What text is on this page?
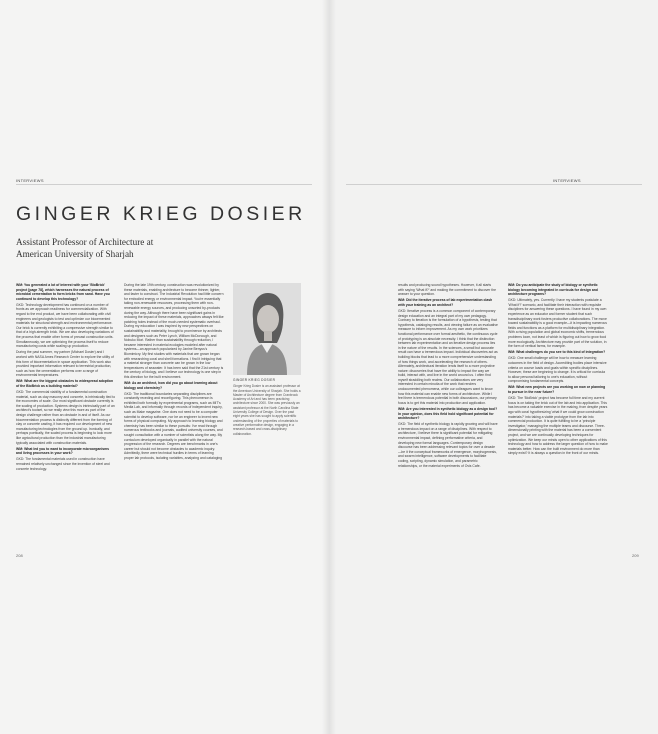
INTERVIEWS	INTERVIEWS
GINGER KRIEG DOSIER

Assistant Professor of Architecture at
American University of Sharjah

WM: You generated a lot of interest with your 'BioBrick' project [page 78], which harnesses the natural process of microbial cementation to form bricks from sand. Have you continued to develop this technology?

GKD: Technology development has continued on a number of fronts as we approach readiness for commercialization. With regard to the end product, we have been collaborating with civil engineers and geologists to test and optimize our biocemented materials for structural strength and environmental performance. Our brick is currently exhibiting a compressive strength similar to that of a high-strength brick. We are also developing variations of the process that enable other forms of precast construction units. Simultaneously, we are optimizing the process itself to reduce manufacturing costs while scaling up production.

During the past summer, my partner (Michael Dosier) and I worked with NASA Ames Research Center to explore the utility of this form of biocementation in space application. This work also provided important information relevant to terrestrial production, such as how the cementation performs over a range of environmental temperatures.

WM: What are the biggest obstacles to widespread adoption of the BioBrick as a building material?

GKD: The commercial viability of a fundamental construction material, such as clay masonry and concrete, is intrinsically tied to the economies of scale. Our most significant obstacle currently is the scaling of production. Systems design is intrinsically part of an architect's toolset, so we really view this more as part of the design challenge rather than an obstacle in and of itself. As our biocementation process is distinctly different from the forming of clay or concrete casting, it has required our development of new manufacturing technologies from the ground up. Ironically, and perhaps poetically, the scaled process is beginning to look more like agricultural production than the industrial manufacturing typically associated with construction materials.

WM: What led you to want to incorporate microorganisms and living processes in your work?

GKD: The fundamental materials used in construction have remained relatively unchanged since the invention of steel and concrete technology.

During the late 19th century, construction was revolutionized by these materials, enabling architecture to become thinner, lighter, and faster to construct. The Industrial Revolution had little concern for embodied energy or environmental impact. You're essentially taking non-renewable resources, processing them with non-renewable energy sources, and producing unsorted by-products during the way. Although there have been significant gains in reducing the impact of these materials, approaches always felt like patching holes instead of the much-needed systematic overhaul. During my education I was inspired by new perspectives on sustainability and materiality, brought to prominence by architects and designers such as Peter Lynch, William McDonough, and Nobuko Mori. Rather than sustainability through reduction, I became interested in material ecologies modeled after natural systems—an approach popularized by Janine Benyus's Biomimicry. My first studies with materials that are grown began with researching coral and shell formations. I find it intriguing that a material stronger than concrete can be grown in the low temperatures of seawater. It has been said that the 21st century is the century of biology, and I believe our technology is one step in this direction for the built environment.

WM: As an architect, how did you go about learning about biology and chemistry?

GKD: The traditional boundaries separating disciplines are constantly receding and reconfiguring. This phenomenon is exhibited both formally by experimental programs, such as MIT's Media Lab, and informally through records of independent inquiry, such as Make magazine. One does not need to be a computer scientist to develop software, nor be an engineer to invent new forms of physical computing. My approach to learning biology and chemistry has been similar to these pursuits: I've read through numerous textbooks and journals, audited university courses, and sought consultation with a number of scientists along the way. My curriculum developed organically in parallel with the natural progression of the research. Degrees are benchmarks in one's career but should not become obstacles to academic inquiry. Admittedly, there were technical hurdles in terms of learning proper lab protocols, isolating variables, analyzing and cataloging

GINGER KRIEG DOSIER
Ginger Krieg Dosier is an assistant professor at the American University of Sharjah. She holds a Master of Architecture degree from Cranbrook Academy of Art and has been practicing architecture since 2000. She was previously an assistant professor at the North Carolina State University College of Design. Over the past eight years she has sought to apply scientific understanding of the properties of materials to creative performative design, engaging in a research-based and cross-disciplinary collaboration.

results and producing sound hypotheses. However, it all starts with saying 'What if?' and making the commitment to discover the answer to your question.

WM: Did the iterative process of lab experimentation clash with your training as an architect?

GKD: Iterative process is a common component of contemporary design education and an integral part of my own pedagogy. Contrary to iteration is the formulation of a hypothesis, testing that hypothesis, cataloging results, and viewing failure as an evaluative measure to inform improvement. As my own work prioritizes functional performance over formal aesthetic, the continuous cycle of prototyping is an absolute necessity. I think that the distinction between lab experimentation and an iterative design process lies in the nature of the results. In the sciences, a small but accurate result can have a tremendous impact. Individual discoveries act as building blocks that lead to a more comprehensive understanding of how things work, and accelerating the research of others. Alternately, architectural iteration lends itself to a more projective nature: discoveries that have the ability to impact the way we build, interact with, and live in the world around us. I often find myself straddling both realms. Our collaborators are very interested in certain minutia of the work that renders undocumented phenomena, while our colleagues want to know how this material can enable new forms of architecture. While I feel there is tremendous potential in both discussions, our primary focus is to get this material into production and application.

WM: Are you interested in synthetic biology as a design tool? In your opinion, does this field hold significant potential for architecture?

GKD: The field of synthetic biology is rapidly growing and will have a tremendous impact on a range of disciplines. With respect to architecture, I believe there is significant potential for mitigating environmental impact, defining performative criteria, and developing new formal languages. Contemporary design discourse has been addressing relevant topics for over a decade—be it the conceptual frameworks of emergence, morphogenesis, and swarm intelligence, software developments to facilitate coding, scripting, dynamic simulation, and parametric relationships, or the material experiments of Ovis Cafe.

WM: Do you anticipate the study of biology or synthetic biology becoming integrated in curricula for design and architecture programs?

GKD: Ultimately, yes. Currently I have my students postulate a 'What if?' scenario, and facilitate their interaction with requisite disciplines for answering these questions. I have found in my own experience as an educator and former student that such transdisciplinary work fosters productive collaborations. The move toward sustainability is a good example—it is impacting numerous fields and functions as a platform for multidisciplinary integration. With a rising population and global economic shifts, tremendous problems loom, not least of which is figuring out how to grow food more ecologically. Architecture may provide part of the solution, in the form of vertical farms, for example.

WM: What challenges do you see to this kind of integration?

GKD: One small challenge will be how to measure learning outcomes in the field of design. Accrediting bodies place intensive criteria on course loads and goals within specific disciplines. However, these are beginning to change. It is critical for curricula to allow personal tailoring to one's education, without compromising fundamental concepts.

WM: What new projects are you working on now or planning to pursue in the near future?

GKD: The 'BioBrick' project has become full time and my current focus is on taking the brick out of the lab and into application. This has become a valuable exercise in the making, from despite years ago with coral hypothesizing 'what if we could grow construction materials?' into taking a viable prototype from the lab into commercial production. It is quite fulfilling to be a 'principle investigator,' managing the multiple teams and discourse. Three-dimensionally printing with the material has been a convenient project, and we are continually developing techniques for optimization. We keep our minds open to other applications of this technology and how to address the larger question of how to make materials better. How can the built environment do more than simply exist? It is always a question in the front of our minds.

208	209
